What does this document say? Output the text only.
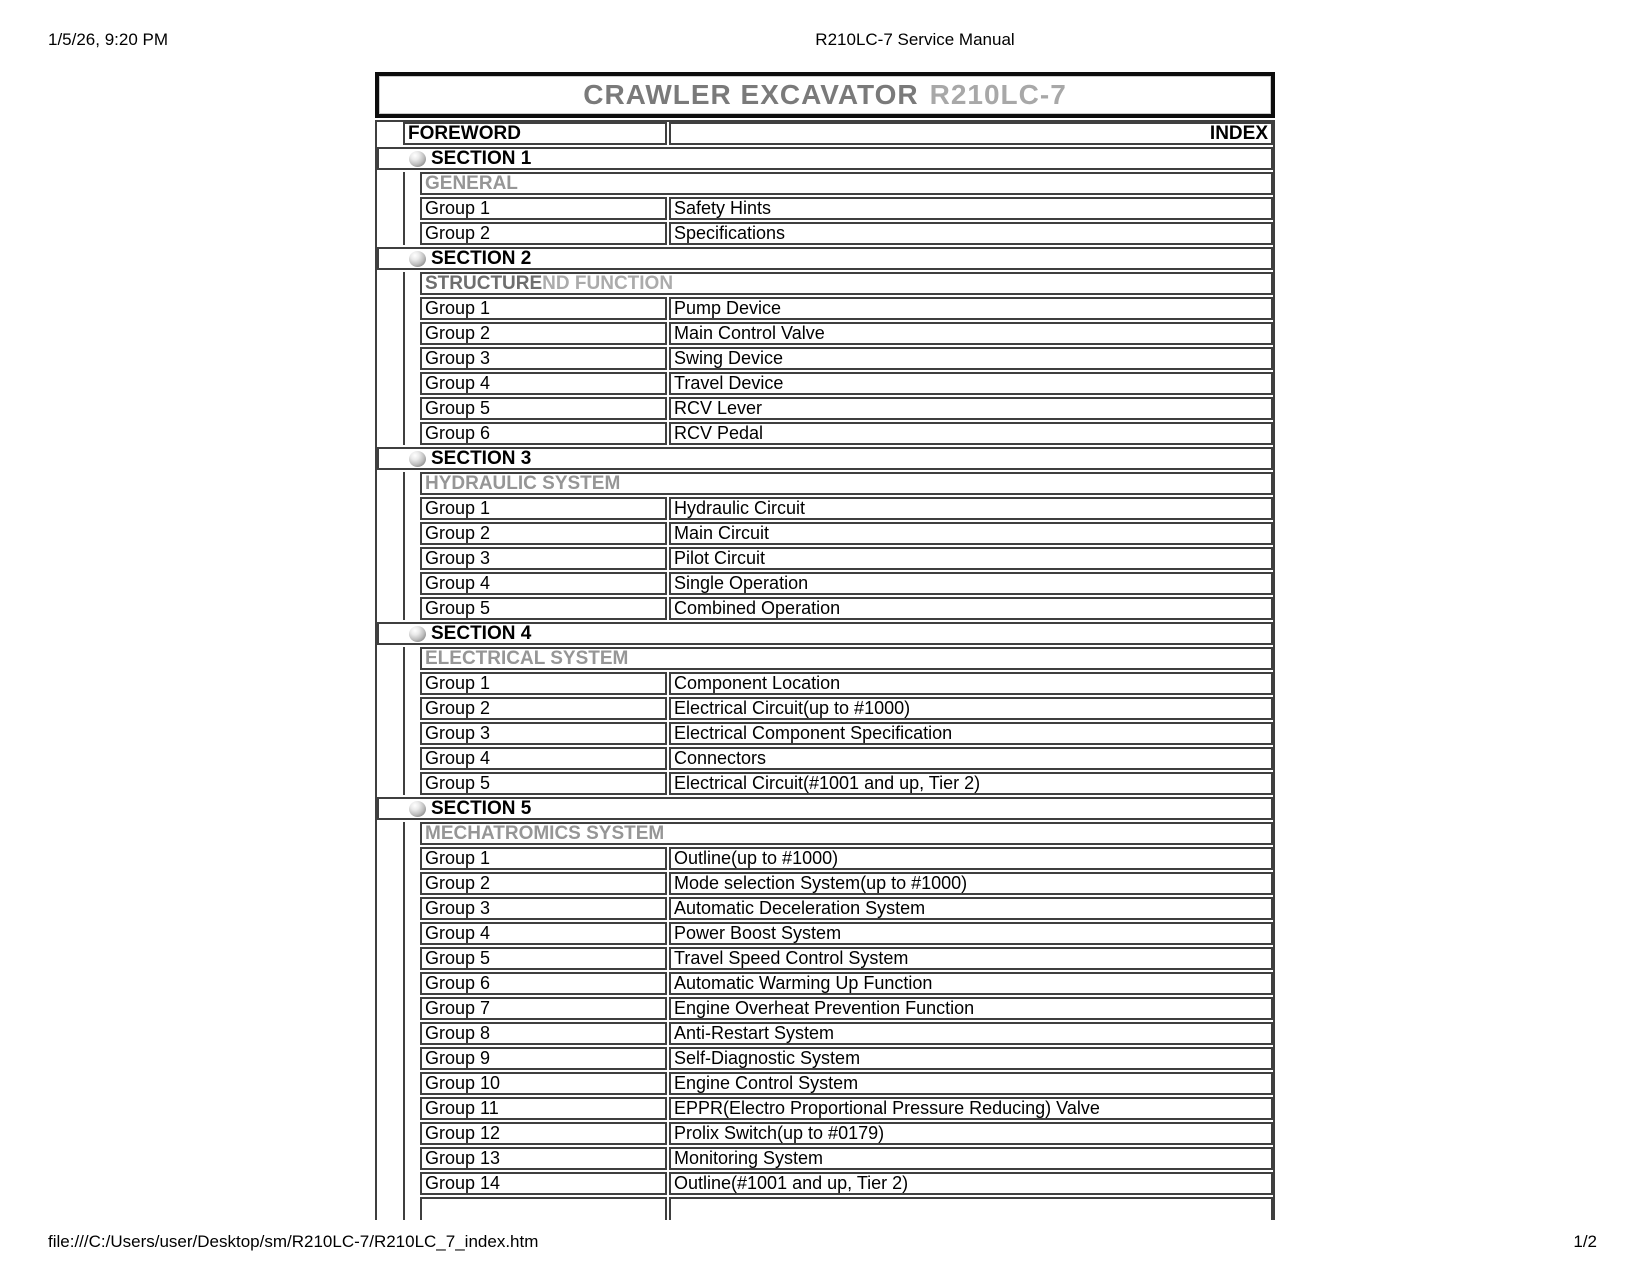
1/5/26, 9:20 PM	R210LC-7 Service Manual
file:///C:/Users/user/Desktop/sm/R210LC-7/R210LC_7_index.htm	1/2
CRAWLER EXCAVATOR R210LC-7
FOREWORD	INDEX
SECTION 1
GENERAL
Group 1	Safety Hints
Group 2	Specifications
SECTION 2
STRUCTURE ND FUNCTION
Group 1	Pump Device
Group 2	Main Control Valve
Group 3	Swing Device
Group 4	Travel Device
Group 5	RCV Lever
Group 6	RCV Pedal
SECTION 3
HYDRAULIC SYSTEM
Group 1	Hydraulic Circuit
Group 2	Main Circuit
Group 3	Pilot Circuit
Group 4	Single Operation
Group 5	Combined Operation
SECTION 4
ELECTRICAL SYSTEM
Group 1	Component Location
Group 2	Electrical Circuit(up to #1000)
Group 3	Electrical Component Specification
Group 4	Connectors
Group 5	Electrical Circuit(#1001 and up, Tier 2)
SECTION 5
MECHATROMICS SYSTEM
Group 1	Outline(up to #1000)
Group 2	Mode selection System(up to #1000)
Group 3	Automatic Deceleration System
Group 4	Power Boost System
Group 5	Travel Speed Control System
Group 6	Automatic Warming Up Function
Group 7	Engine Overheat Prevention Function
Group 8	Anti-Restart System
Group 9	Self-Diagnostic System
Group 10	Engine Control System
Group 11	EPPR(Electro Proportional Pressure Reducing) Valve
Group 12	Prolix Switch(up to #0179)
Group 13	Monitoring System
Group 14	Outline(#1001 and up, Tier 2)
